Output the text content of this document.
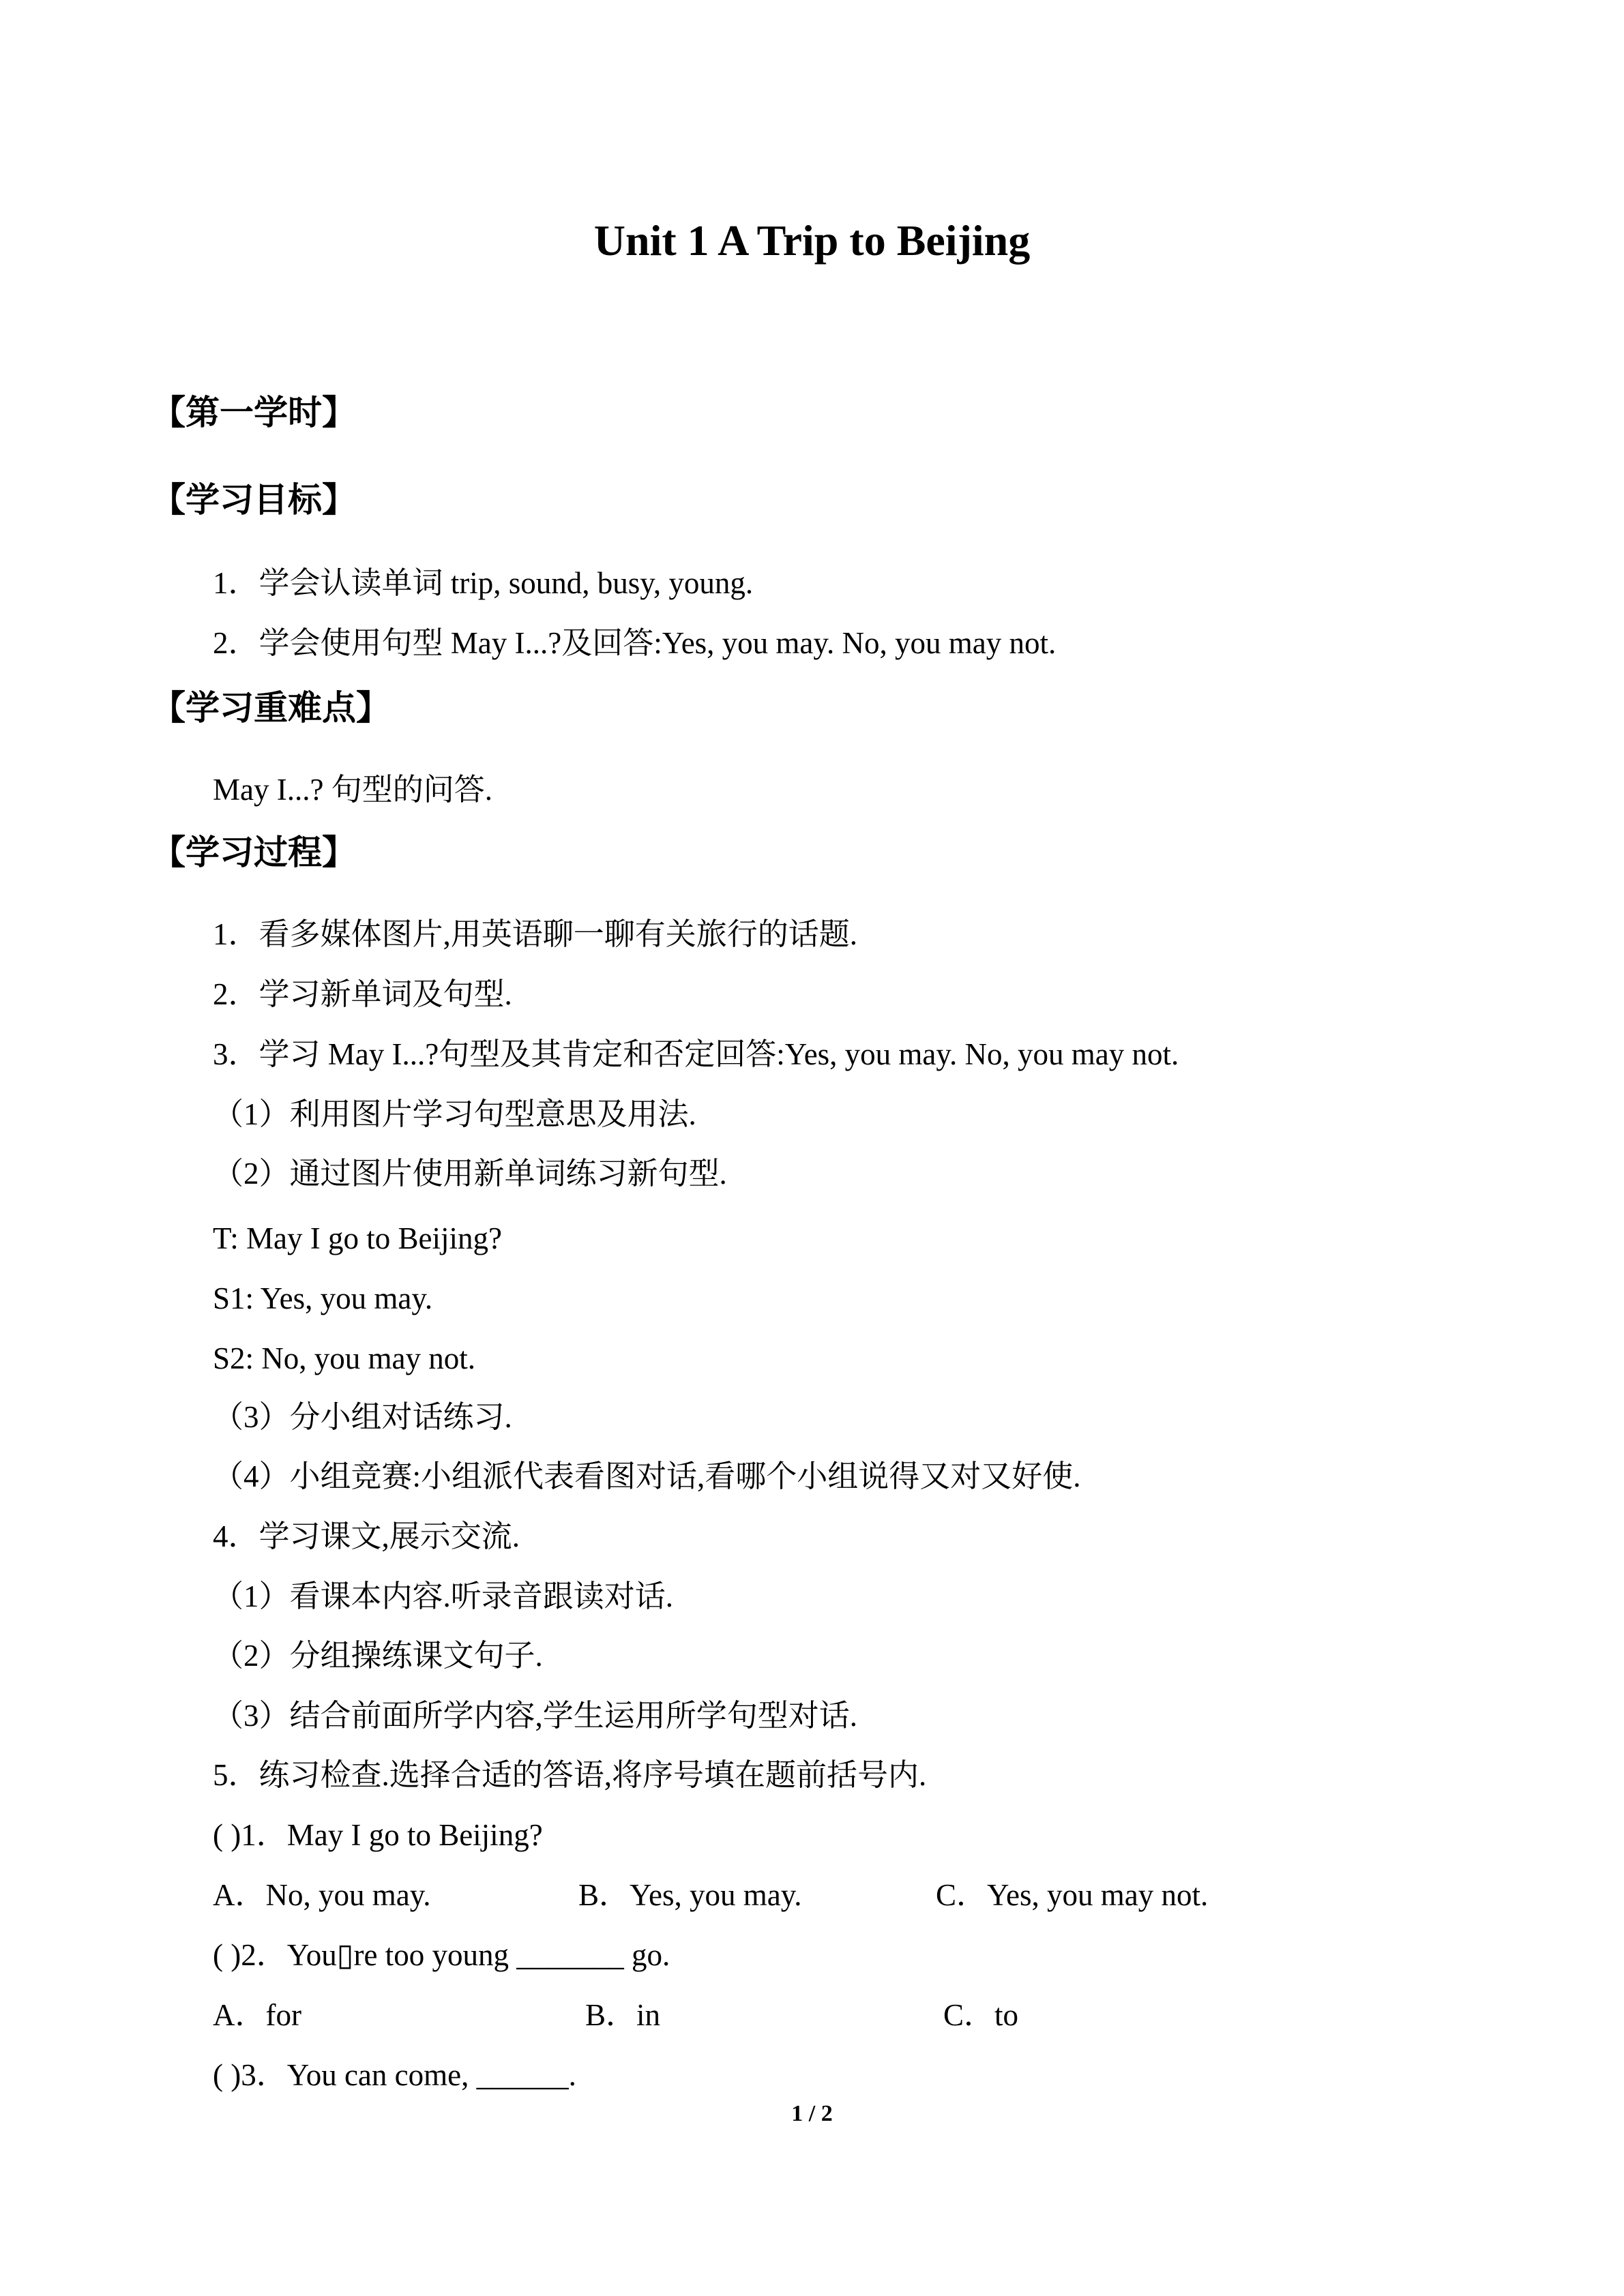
Unit 1 A Trip to Beijing
【第一学时】
【学习目标】
1．学会认读单词 trip, sound, busy, young.
2．学会使用句型 May I...?及回答:Yes, you may. No, you may not.
【学习重难点】
May I...? 句型的问答.
【学习过程】
1．看多媒体图片,用英语聊一聊有关旅行的话题.
2．学习新单词及句型.
3．学习 May I...?句型及其肯定和否定回答:Yes, you may. No, you may not.
（1）利用图片学习句型意思及用法.
（2）通过图片使用新单词练习新句型.
T: May I go to Beijing?
S1: Yes, you may.
S2: No, you may not.
（3）分小组对话练习.
（4）小组竞赛:小组派代表看图对话,看哪个小组说得又对又好使.
4．学习课文,展示交流.
（1）看课本内容.听录音跟读对话.
（2）分组操练课文句子.
（3）结合前面所学内容,学生运用所学句型对话.
5．练习检查.选择合适的答语,将序号填在题前括号内.
( )1．May I go to Beijing?
A．No, you may.	B．Yes, you may.	C．Yes, you may not.
( )2．You▯re too young _______ go.
A．for	B．in	C．to
( )3．You can come, ______.
1 / 2
